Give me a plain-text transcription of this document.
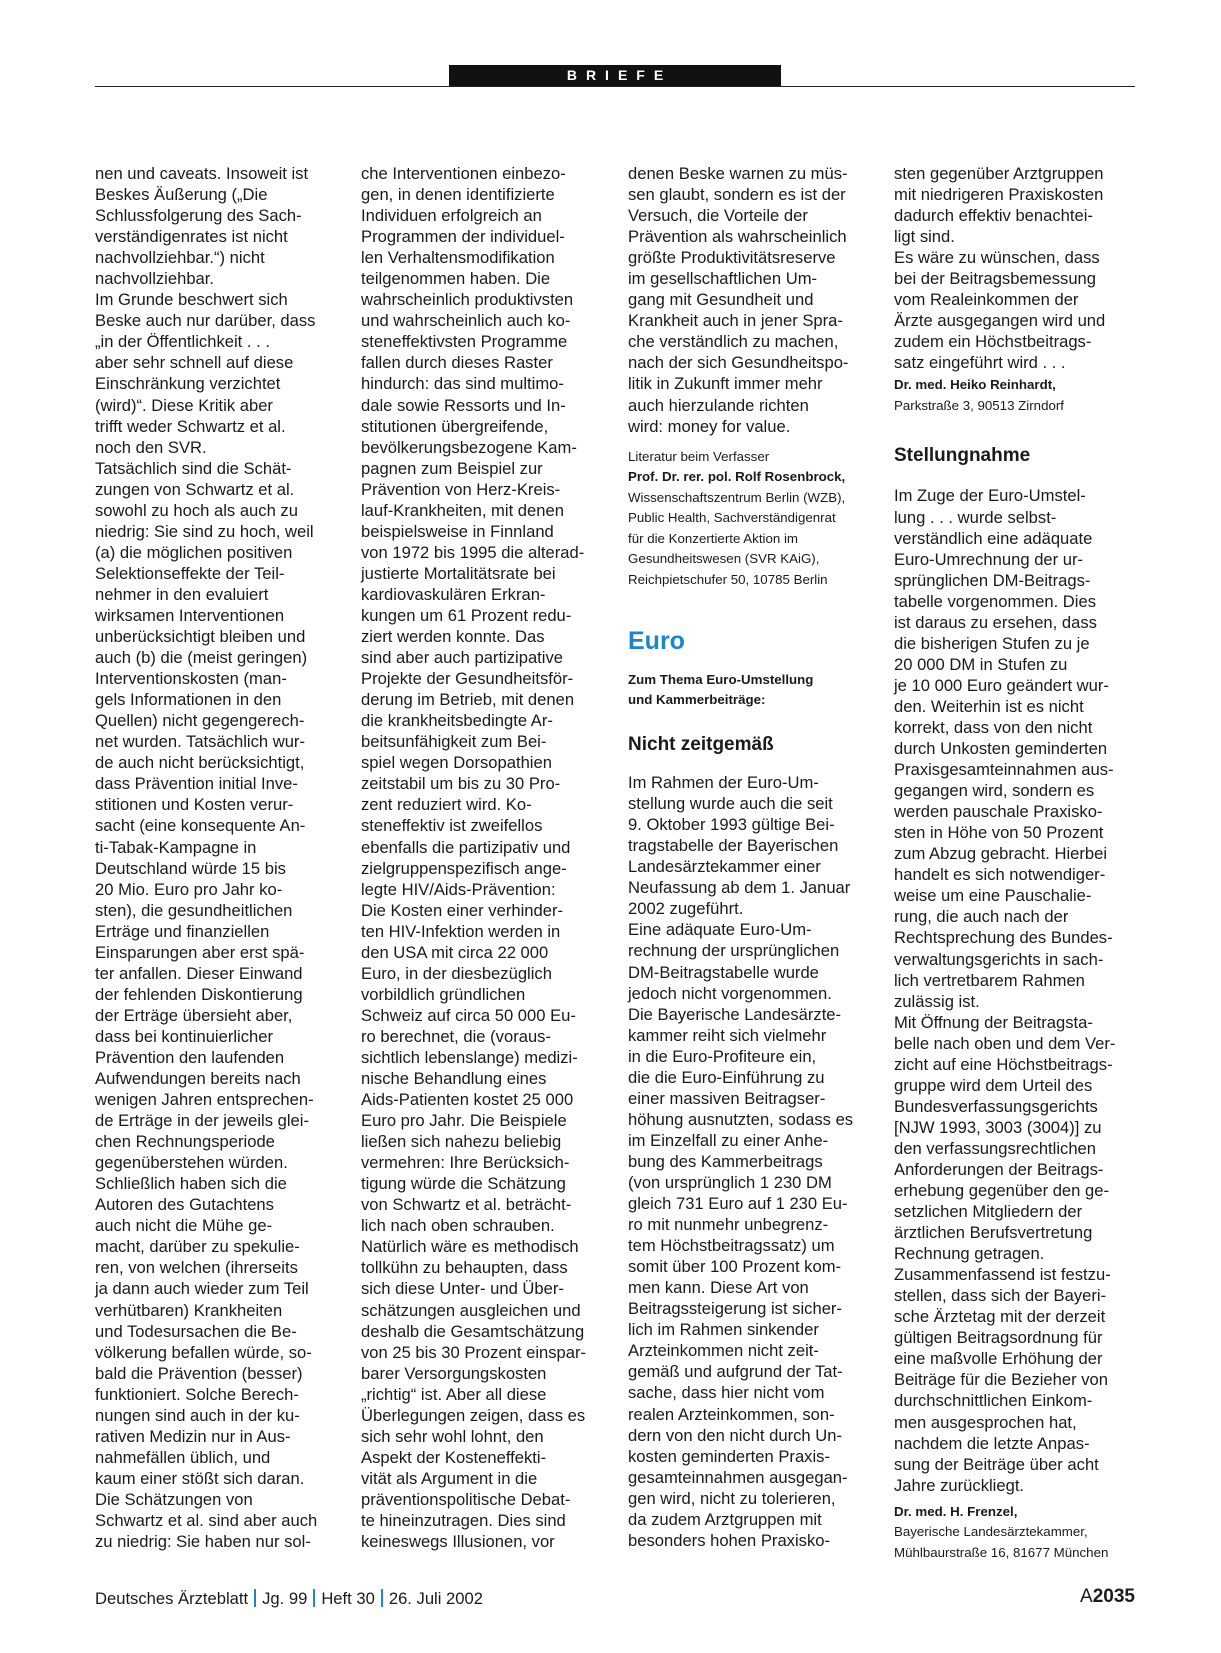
BRIEFE

nen und caveats. Insoweit ist

Beskes Äußerung („Die

Schlussfolgerung des Sach-

verständigenrates ist nicht

nachvollziehbar.“) nicht

nachvollziehbar.

Im Grunde beschwert sich

Beske auch nur darüber, dass

„in der Öffentlichkeit . . .

aber sehr schnell auf diese

Einschränkung verzichtet

(wird)“. Diese Kritik aber

trifft weder Schwartz et al.

noch den SVR.

Tatsächlich sind die Schät-

zungen von Schwartz et al.

sowohl zu hoch als auch zu

niedrig: Sie sind zu hoch, weil

(a) die möglichen positiven

Selektionseffekte der Teil-

nehmer in den evaluiert

wirksamen Interventionen

unberücksichtigt bleiben und

auch (b) die (meist geringen)

Interventionskosten (man-

gels Informationen in den

Quellen) nicht gegengerech-

net wurden. Tatsächlich wur-

de auch nicht berücksichtigt,

dass Prävention initial Inve-

stitionen und Kosten verur-

sacht (eine konsequente An-

ti-Tabak-Kampagne in

Deutschland würde 15 bis

20 Mio. Euro pro Jahr ko-

sten), die gesundheitlichen

Erträge und finanziellen

Einsparungen aber erst spä-

ter anfallen. Dieser Einwand

der fehlenden Diskontierung

der Erträge übersieht aber,

dass bei kontinuierlicher

Prävention den laufenden

Aufwendungen bereits nach

wenigen Jahren entsprechen-

de Erträge in der jeweils glei-

chen Rechnungsperiode

gegenüberstehen würden.

Schließlich haben sich die

Autoren des Gutachtens

auch nicht die Mühe ge-

macht, darüber zu spekulie-

ren, von welchen (ihrerseits

ja dann auch wieder zum Teil

verhütbaren) Krankheiten

und Todesursachen die Be-

völkerung befallen würde, so-

bald die Prävention (besser)

funktioniert. Solche Berech-

nungen sind auch in der ku-

rativen Medizin nur in Aus-

nahmefällen üblich, und

kaum einer stößt sich daran.

Die Schätzungen von

Schwartz et al. sind aber auch

zu niedrig: Sie haben nur sol-

che Interventionen einbezo-

gen, in denen identifizierte

Individuen erfolgreich an

Programmen der individuel-

len Verhaltensmodifikation

teilgenommen haben. Die

wahrscheinlich produktivsten

und wahrscheinlich auch ko-

steneffektivsten Programme

fallen durch dieses Raster

hindurch: das sind multimo-

dale sowie Ressorts und In-

stitutionen übergreifende,

bevölkerungsbezogene Kam-

pagnen zum Beispiel zur

Prävention von Herz-Kreis-

lauf-Krankheiten, mit denen

beispielsweise in Finnland

von 1972 bis 1995 die alterad-

justierte Mortalitätsrate bei

kardiovaskulären Erkran-

kungen um 61 Prozent redu-

ziert werden konnte. Das

sind aber auch partizipative

Projekte der Gesundheitsför-

derung im Betrieb, mit denen

die krankheitsbedingte Ar-

beitsunfähigkeit zum Bei-

spiel wegen Dorsopathien

zeitstabil um bis zu 30 Pro-

zent reduziert wird. Ko-

steneffektiv ist zweifellos

ebenfalls die partizipativ und

zielgruppenspezifisch ange-

legte HIV/Aids-Prävention:

Die Kosten einer verhinder-

ten HIV-Infektion werden in

den USA mit circa 22 000

Euro, in der diesbezüglich

vorbildlich gründlichen

Schweiz auf circa 50 000 Eu-

ro berechnet, die (voraus-

sichtlich lebenslange) medizi-

nische Behandlung eines

Aids-Patienten kostet 25 000

Euro pro Jahr. Die Beispiele

ließen sich nahezu beliebig

vermehren: Ihre Berücksich-

tigung würde die Schätzung

von Schwartz et al. beträcht-

lich nach oben schrauben.

Natürlich wäre es methodisch

tollkühn zu behaupten, dass

sich diese Unter- und Über-

schätzungen ausgleichen und

deshalb die Gesamtschätzung

von 25 bis 30 Prozent einspar-

barer Versorgungskosten

„richtig“ ist. Aber all diese

Überlegungen zeigen, dass es

sich sehr wohl lohnt, den

Aspekt der Kosteneffekti-

vität als Argument in die

präventionspolitische Debat-

te hineinzutragen. Dies sind

keineswegs Illusionen, vor

denen Beske warnen zu müs-

sen glaubt, sondern es ist der

Versuch, die Vorteile der

Prävention als wahrscheinlich

größte Produktivitätsreserve

im gesellschaftlichen Um-

gang mit Gesundheit und

Krankheit auch in jener Spra-

che verständlich zu machen,

nach der sich Gesundheitspo-

litik in Zukunft immer mehr

auch hierzulande richten

wird: money for value.

Literatur beim Verfasser

Prof. Dr. rer. pol. Rolf Rosenbrock,

Wissenschaftszentrum Berlin (WZB),

Public Health, Sachverständigenrat

für die Konzertierte Aktion im

Gesundheitswesen (SVR KAiG),

Reichpietschufer 50, 10785 Berlin

Euro

Zum Thema Euro-Umstellung

und Kammerbeiträge:

Nicht zeitgemäß

Im Rahmen der Euro-Um-

stellung wurde auch die seit

9. Oktober 1993 gültige Bei-

tragstabelle der Bayerischen

Landesärztekammer einer

Neufassung ab dem 1. Januar

2002 zugeführt.

Eine adäquate Euro-Um-

rechnung der ursprünglichen

DM-Beitragstabelle wurde

jedoch nicht vorgenommen.

Die Bayerische Landesärzte-

kammer reiht sich vielmehr

in die Euro-Profiteure ein,

die die Euro-Einführung zu

einer massiven Beitragser-

höhung ausnutzten, sodass es

im Einzelfall zu einer Anhe-

bung des Kammerbeitrags

(von ursprünglich 1 230 DM

gleich 731 Euro auf 1 230 Eu-

ro mit nunmehr unbegrenz-

tem Höchstbeitragssatz) um

somit über 100 Prozent kom-

men kann. Diese Art von

Beitragssteigerung ist sicher-

lich im Rahmen sinkender

Arzteinkommen nicht zeit-

gemäß und aufgrund der Tat-

sache, dass hier nicht vom

realen Arzteinkommen, son-

dern von den nicht durch Un-

kosten geminderten Praxis-

gesamteinnahmen ausgegan-

gen wird, nicht zu tolerieren,

da zudem Arztgruppen mit

besonders hohen Praxisko-

sten gegenüber Arztgruppen

mit niedrigeren Praxiskosten

dadurch effektiv benachtei-

ligt sind.

Es wäre zu wünschen, dass

bei der Beitragsbemessung

vom Realeinkommen der

Ärzte ausgegangen wird und

zudem ein Höchstbeitrags-

satz eingeführt wird . . .

Dr. med. Heiko Reinhardt,

Parkstraße 3, 90513 Zirndorf

Stellungnahme

Im Zuge der Euro-Umstel-

lung . . . wurde selbst-

verständlich eine adäquate

Euro-Umrechnung der ur-

sprünglichen DM-Beitrags-

tabelle vorgenommen. Dies

ist daraus zu ersehen, dass

die bisherigen Stufen zu je

20 000 DM in Stufen zu

je 10 000 Euro geändert wur-

den. Weiterhin ist es nicht

korrekt, dass von den nicht

durch Unkosten geminderten

Praxisgesamteinnahmen aus-

gegangen wird, sondern es

werden pauschale Praxisko-

sten in Höhe von 50 Prozent

zum Abzug gebracht. Hierbei

handelt es sich notwendiger-

weise um eine Pauschalie-

rung, die auch nach der

Rechtsprechung des Bundes-

verwaltungsgerichts in sach-

lich vertretbarem Rahmen

zulässig ist.

Mit Öffnung der Beitragsta-

belle nach oben und dem Ver-

zicht auf eine Höchstbeitrags-

gruppe wird dem Urteil des

Bundesverfassungsgerichts

[NJW 1993, 3003 (3004)] zu

den verfassungsrechtlichen

Anforderungen der Beitrags-

erhebung gegenüber den ge-

setzlichen Mitgliedern der

ärztlichen Berufsvertretung

Rechnung getragen.

Zusammenfassend ist festzu-

stellen, dass sich der Bayeri-

sche Ärztetag mit der derzeit

gültigen Beitragsordnung für

eine maßvolle Erhöhung der

Beiträge für die Bezieher von

durchschnittlichen Einkom-

men ausgesprochen hat,

nachdem die letzte Anpas-

sung der Beiträge über acht

Jahre zurückliegt.

Dr. med. H. Frenzel,

Bayerische Landesärztekammer,

Mühlbaurstraße 16, 81677 München

Deutsches Ärzteblatt Jg. 99 Heft 30 26. Juli 2002	A2035
